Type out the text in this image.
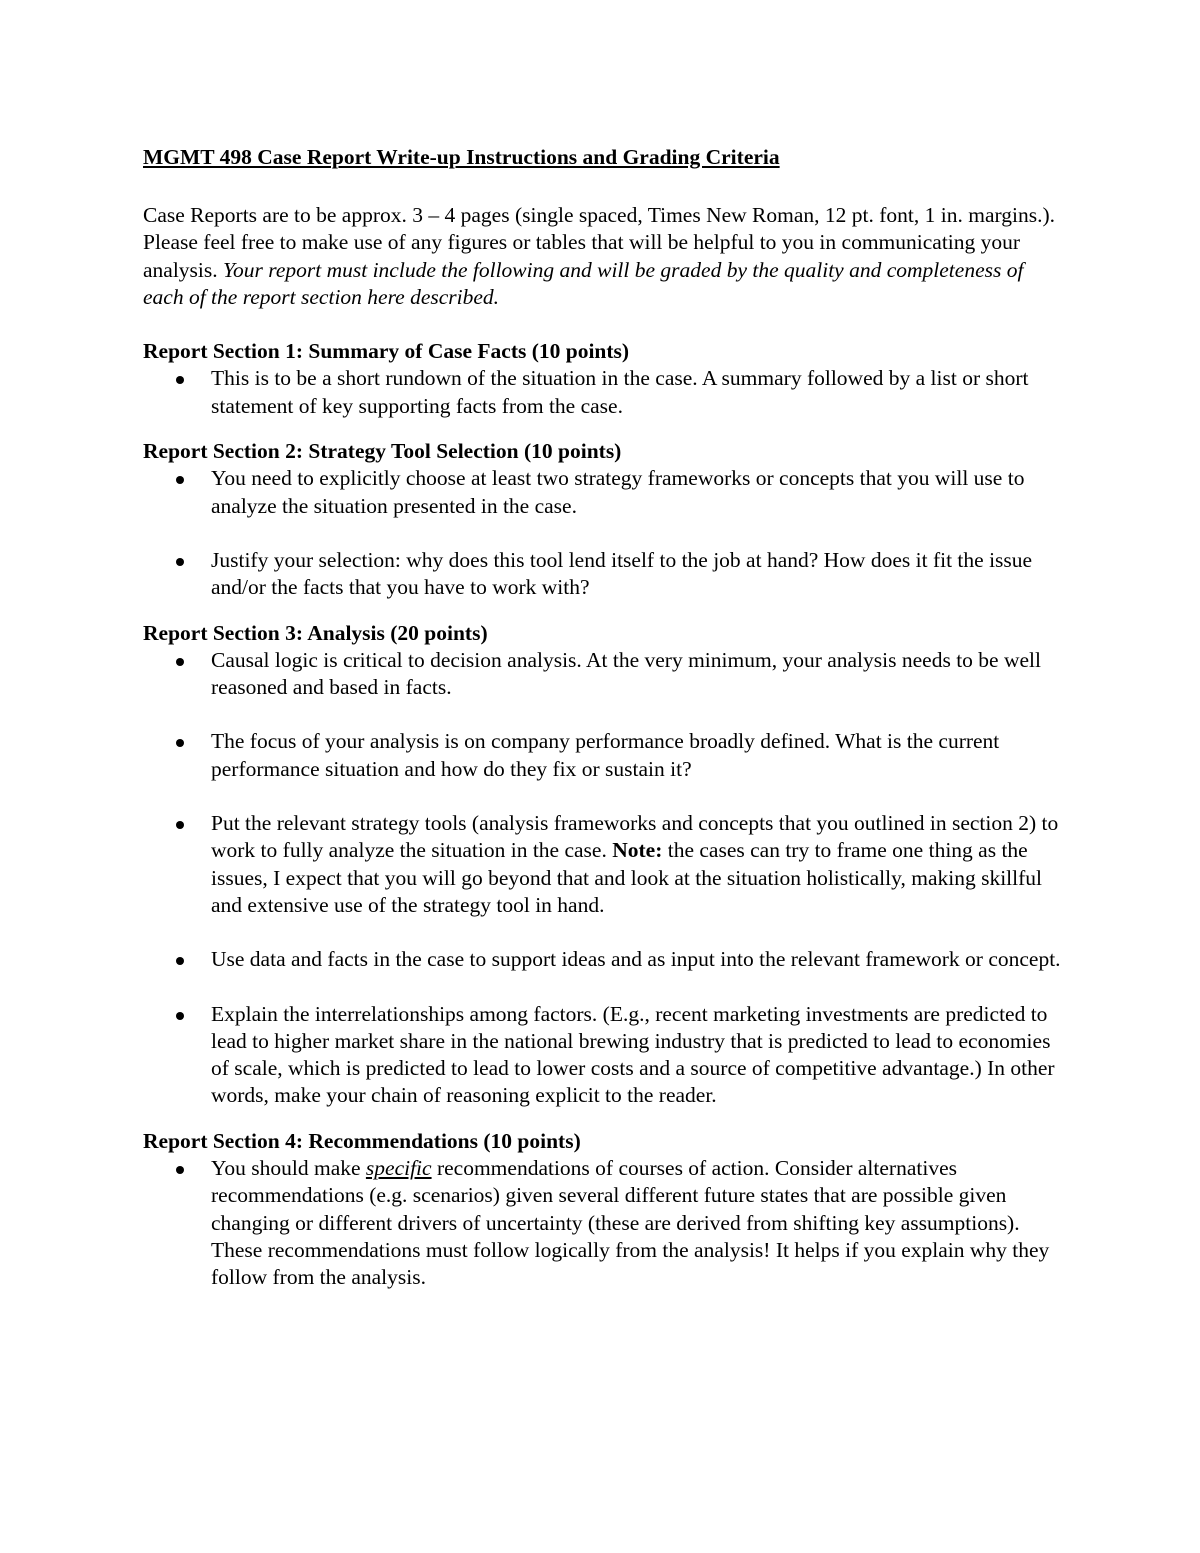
MGMT 498 Case Report Write-up Instructions and Grading Criteria

Case Reports are to be approx. 3 – 4 pages (single spaced, Times New Roman, 12 pt. font, 1 in. margins.). Please feel free to make use of any figures or tables that will be helpful to you in communicating your analysis. Your report must include the following and will be graded by the quality and completeness of each of the report section here described.

Report Section 1: Summary of Case Facts (10 points)

This is to be a short rundown of the situation in the case. A summary followed by a list or short statement of key supporting facts from the case.

Report Section 2: Strategy Tool Selection (10 points)

You need to explicitly choose at least two strategy frameworks or concepts that you will use to analyze the situation presented in the case.
Justify your selection: why does this tool lend itself to the job at hand? How does it fit the issue and/or the facts that you have to work with?

Report Section 3: Analysis (20 points)

Causal logic is critical to decision analysis. At the very minimum, your analysis needs to be well reasoned and based in facts.
The focus of your analysis is on company performance broadly defined. What is the current performance situation and how do they fix or sustain it?
Put the relevant strategy tools (analysis frameworks and concepts that you outlined in section 2) to work to fully analyze the situation in the case. Note: the cases can try to frame one thing as the issues, I expect that you will go beyond that and look at the situation holistically, making skillful and extensive use of the strategy tool in hand.
Use data and facts in the case to support ideas and as input into the relevant framework or concept.
Explain the interrelationships among factors. (E.g., recent marketing investments are predicted to lead to higher market share in the national brewing industry that is predicted to lead to economies of scale, which is predicted to lead to lower costs and a source of competitive advantage.) In other words, make your chain of reasoning explicit to the reader.

Report Section 4: Recommendations (10 points)

You should make specific recommendations of courses of action. Consider alternatives recommendations (e.g. scenarios) given several different future states that are possible given changing or different drivers of uncertainty (these are derived from shifting key assumptions). These recommendations must follow logically from the analysis! It helps if you explain why they follow from the analysis.
